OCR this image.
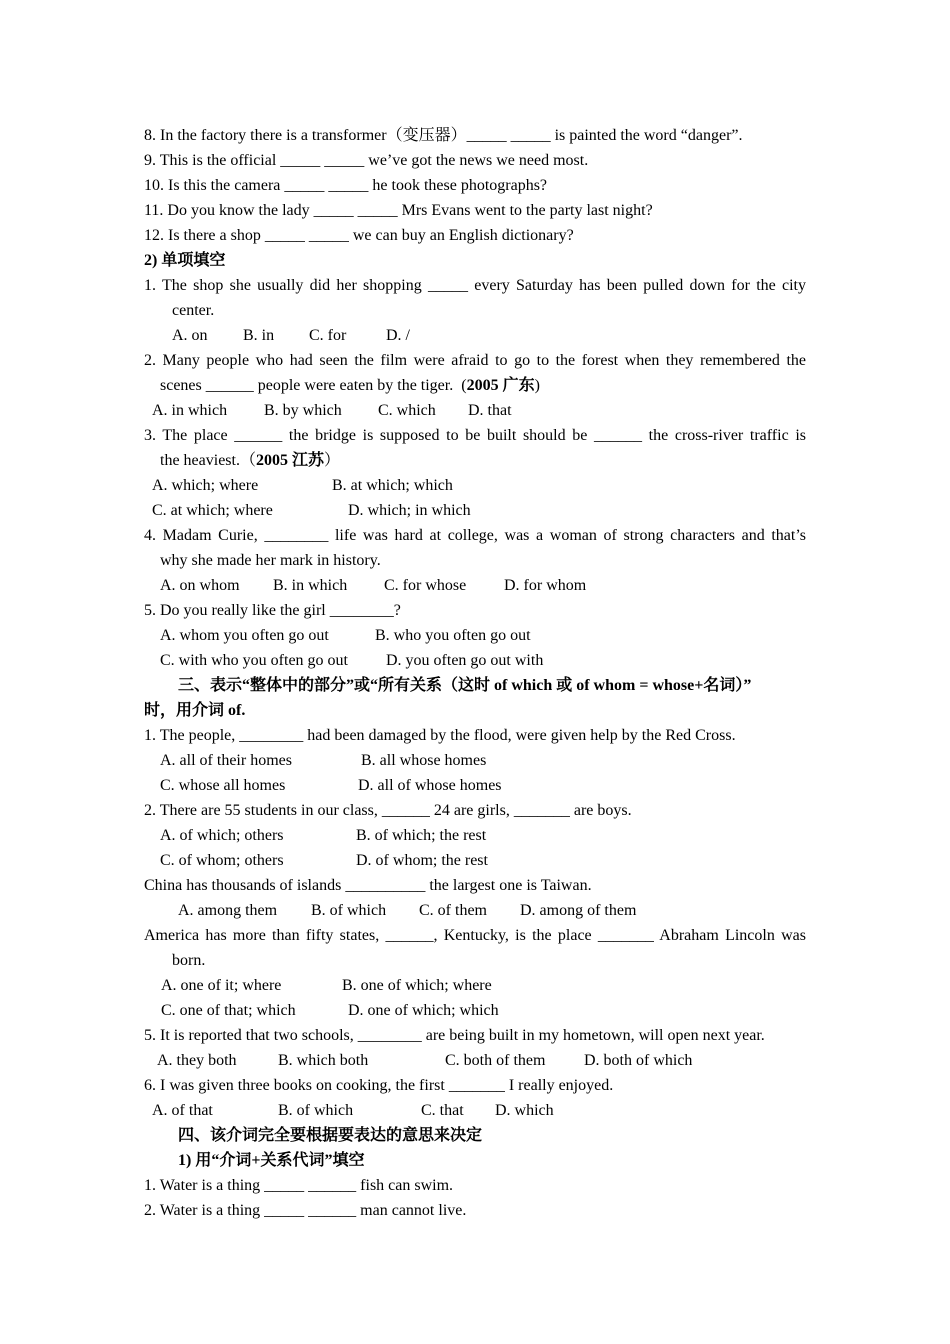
8. In the factory there is a transformer（变压器）_____ _____ is painted the word “danger”.
9. This is the official _____ _____ we’ve got the news we need most.
10. Is this the camera _____ _____ he took these photographs?
11. Do you know the lady _____ _____ Mrs Evans went to the party last night?
12. Is there a shop _____ _____ we can buy an English dictionary?
2) 单项填空
1. The shop she usually did her shopping _____ every Saturday has been pulled down for the city
center.
A. on B. in C. for D. /
2. Many people who had seen the film were afraid to go to the forest when they remembered the
scenes ______ people were eaten by the tiger.  (2005 广东)
A. in which B. by which C. which D. that
3. The place ______ the bridge is supposed to be built should be ______ the cross-river traffic is
the heaviest.（2005 江苏）
A. which; where	B. at which; which
C. at which; where	D. which; in which
4. Madam Curie, ________ life was hard at college, was a woman of strong characters and that’s
why she made her mark in history.
A. on whom B. in which C. for whose D. for whom
5. Do you really like the girl ________?
A. whom you often go out	B. who you often go out
C. with who you often go out D. you often go out with
三、表示“整体中的部分”或“所有关系（这时 of which 或 of whom = whose+名词）”
时，用介词 of.
1. The people, ________ had been damaged by the flood, were given help by the Red Cross.
A. all of their homes	B. all whose homes
C. whose all homes	D. all of whose homes
2. There are 55 students in our class, ______ 24 are girls, _______ are boys.
A. of which; others	B. of which; the rest
C. of whom; others	D. of whom; the rest
China has thousands of islands __________ the largest one is Taiwan.
A. among them B. of which C. of them D. among of them
America has more than fifty states, ______, Kentucky, is the place _______ Abraham Lincoln was
born.
A. one of it; where	B. one of which; where
C. one of that; which	D. one of which; which
5. It is reported that two schools, ________ are being built in my hometown, will open next year.
A. they both	B. which both	C. both of them D. both of which
6. I was given three books on cooking, the first _______ I really enjoyed.
A. of that	B. of which	C. that D. which
四、该介词完全要根据要表达的意思来决定
1) 用“介词+关系代词”填空
1. Water is a thing _____ ______ fish can swim.
2. Water is a thing _____ ______ man cannot live.
